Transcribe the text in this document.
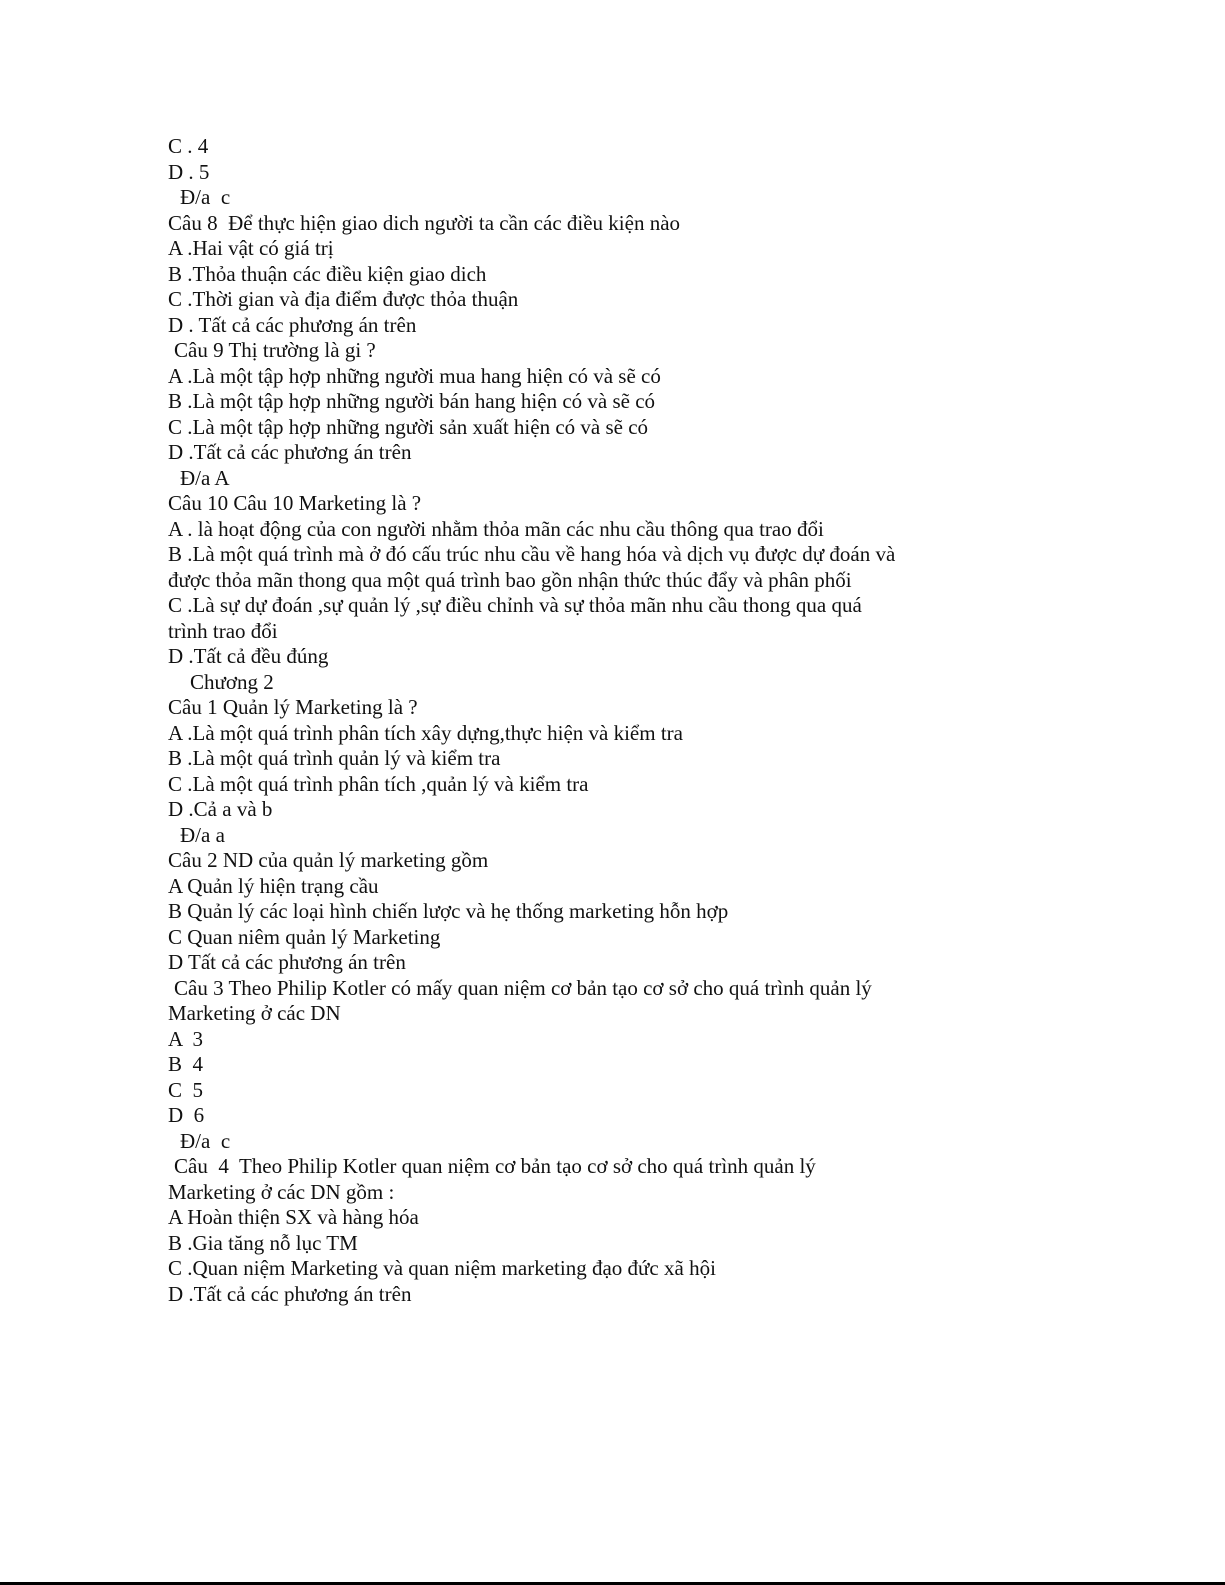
C . 4
D . 5
Đ/a  c
Câu 8  Để thực hiện giao dich người ta cần các điều kiện nào
A .Hai vật có giá trị
B .Thỏa thuận các điều kiện giao dich
C .Thời gian và địa điểm được thỏa thuận
D . Tất cả các phương án trên
Câu 9 Thị trường là gi ?
A .Là một tập hợp những người mua hang hiện có và sẽ có
B .Là một tập hợp những người bán hang hiện có và sẽ có
C .Là một tập hợp những người sản xuất hiện có và sẽ có
D .Tất cả các phương án trên
Đ/a A
Câu 10 Câu 10 Marketing là ?
A . là hoạt động của con người nhằm thỏa mãn các nhu cầu thông qua trao đổi
B .Là một quá trình mà ở đó cấu trúc nhu cầu về hang hóa và dịch vụ được dự đoán và
được thỏa mãn thong qua một quá trình bao gồn nhận thức thúc đẩy và phân phối
C .Là sự dự đoán ,sự quản lý ,sự điều chỉnh và sự thỏa mãn nhu cầu thong qua quá
trình trao đổi
D .Tất cả đều đúng
Chương 2
Câu 1 Quản lý Marketing là ?
A .Là một quá trình phân tích xây dựng,thực hiện và kiểm tra
B .Là một quá trình quản lý và kiểm tra
C .Là một quá trình phân tích ,quản lý và kiểm tra
D .Cả a và b
Đ/a a
Câu 2 ND của quản lý marketing gồm
A Quản lý hiện trạng cầu
B Quản lý các loại hình chiến lược và hẹ thống marketing hỗn hợp
C Quan niêm quản lý Marketing
D Tất cả các phương án trên
Câu 3 Theo Philip Kotler có mấy quan niệm cơ bản tạo cơ sở cho quá trình quản lý
Marketing ở các DN
A  3
B  4
C  5
D  6
Đ/a  c
Câu  4  Theo Philip Kotler quan niệm cơ bản tạo cơ sở cho quá trình quản lý
Marketing ở các DN gồm :
A Hoàn thiện SX và hàng hóa
B .Gia tăng nỗ lục TM
C .Quan niệm Marketing và quan niệm marketing đạo đức xã hội
D .Tất cả các phương án trên
